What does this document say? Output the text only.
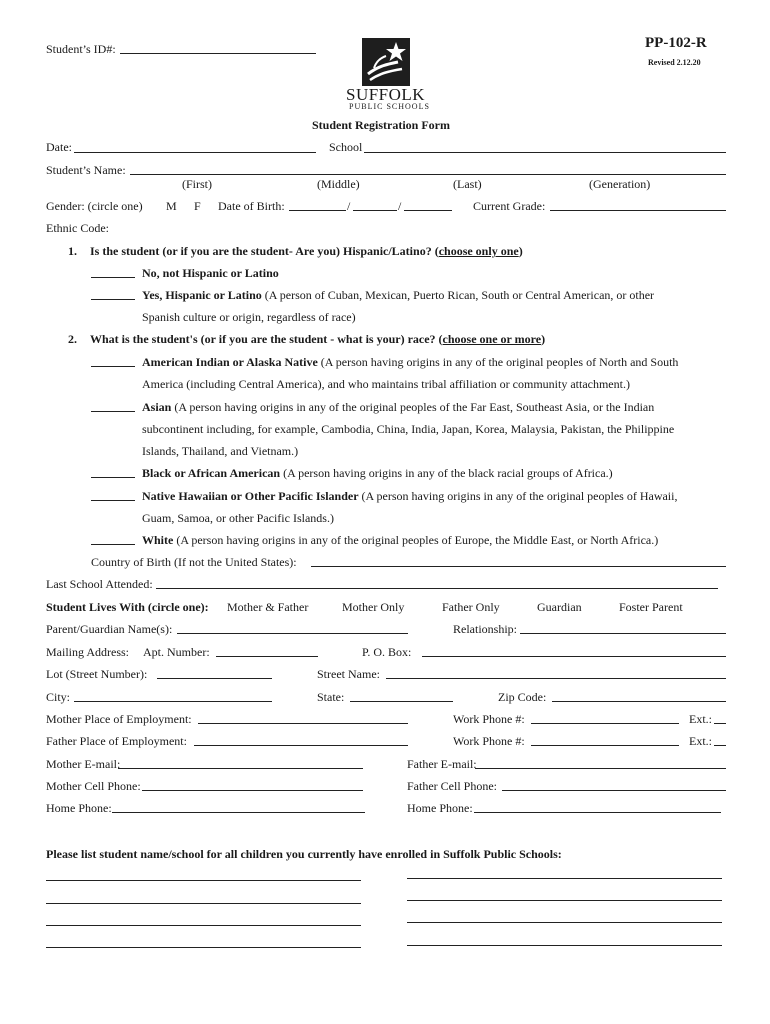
Student’s ID#:	PP-102-R
Revised 2.12.20
SUFFOLK
PUBLIC SCHOOLS
Student Registration Form
Date:	School
Student’s Name:
(First)	(Middle)	(Last)	(Generation)
Gender: (circle one) M F Date of Birth:	/	/	Current Grade:
Ethnic Code:
1. Is the student (or if you are the student- Are you) Hispanic/Latino? (choose only one)
No, not Hispanic or Latino
Yes, Hispanic or Latino (A person of Cuban, Mexican, Puerto Rican, South or Central American, or other
Spanish culture or origin, regardless of race)
2. What is the student's (or if you are the student - what is your) race? (choose one or more)
American Indian or Alaska Native (A person having origins in any of the original peoples of North and South
America (including Central America), and who maintains tribal affiliation or community attachment.)
Asian (A person having origins in any of the original peoples of the Far East, Southeast Asia, or the Indian
subcontinent including, for example, Cambodia, China, India, Japan, Korea, Malaysia, Pakistan, the Philippine
Islands, Thailand, and Vietnam.)
Black or African American (A person having origins in any of the black racial groups of Africa.)
Native Hawaiian or Other Pacific Islander (A person having origins in any of the original peoples of Hawaii,
Guam, Samoa, or other Pacific Islands.)
White (A person having origins in any of the original peoples of Europe, the Middle East, or North Africa.)
Country of Birth (If not the United States):
Last School Attended:
Student Lives With (circle one): Mother & Father	Mother Only	Father Only	Guardian	Foster Parent
Parent/Guardian Name(s):	Relationship:
Mailing Address: Apt. Number:	P. O. Box:
Lot (Street Number):	Street Name:
City:	State:	Zip Code:
Mother Place of Employment:	Work Phone #:	Ext.:
Father Place of Employment:	Work Phone #:	Ext.:
Mother E-mail:	Father E-mail:
Mother Cell Phone:	Father Cell Phone:
Home Phone:	Home Phone:
Please list student name/school for all children you currently have enrolled in Suffolk Public Schools:
